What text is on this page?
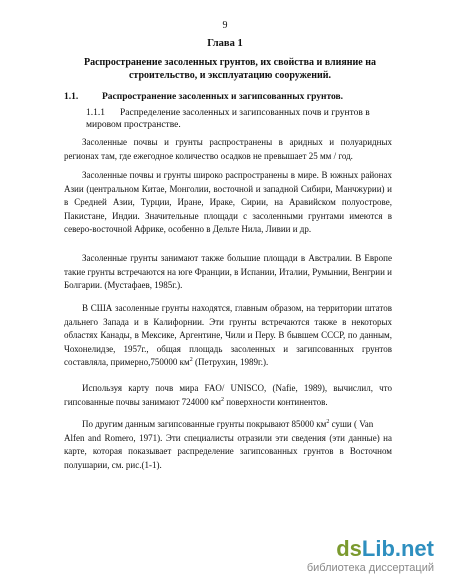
9
Глава 1
Распространение засоленных грунтов, их свойства и влияние на строительство, и эксплуатацию сооружений.
1.1.	Распространение засоленных и загипсованных грунтов.
1.1.1 Распределение засоленных и загипсованных почв и грунтов в мировом пространстве.

Засоленные почвы и грунты распространены в аридных и полуаридных регионах там, где ежегодное количество осадков не превышает 25 мм / год.

Засоленные почвы и грунты широко распространены в мире. В южных районах Азии (центральном Китае, Монголии, восточной и западной Сибири, Манчжурии) и в Средней Азии, Турции, Иране, Ираке, Сирии, на Аравийском полуострове, Пакистане, Индии. Значительные площади с засоленными грунтами имеются в северо-восточной Африке, особенно в Дельте Нила, Ливии и др.

Засоленные грунты занимают также большие площади в Австралии. В Европе такие грунты встречаются на юге Франции, в Испании, Италии, Румынии, Венгрии и Болгарии. (Мустафаев, 1985г.).

В США засоленные грунты находятся, главным образом, на территории штатов дальнего Запада и в Калифорнии. Эти грунты встречаются также в некоторых областях Канады, в Мексике, Аргентине, Чили и Перу. В бывшем СССР, по данным, Чохонелидзе, 1957г., общая площадь засоленных и загипсованных грунтов составляла, примерно,750000 $км^2$ (Петрухин, 1989г.).

Используя карту почв мира FAO/ UNISCO, (Nafie, 1989), вычислил, что гипсованные почвы занимают 724000 $км^2$ поверхности континентов.

По другим данным загипсованные грунты покрывают 85000 $км^2$ суши ( Van

Alfen and Romero, 1971). Эти специалисты отразили эти сведения (эти данные) на карте, которая показывает распределение загипсованных грунтов в Восточном полушарии, см. рис.(1-1).

dsLib.net
библиотека диссертаций
